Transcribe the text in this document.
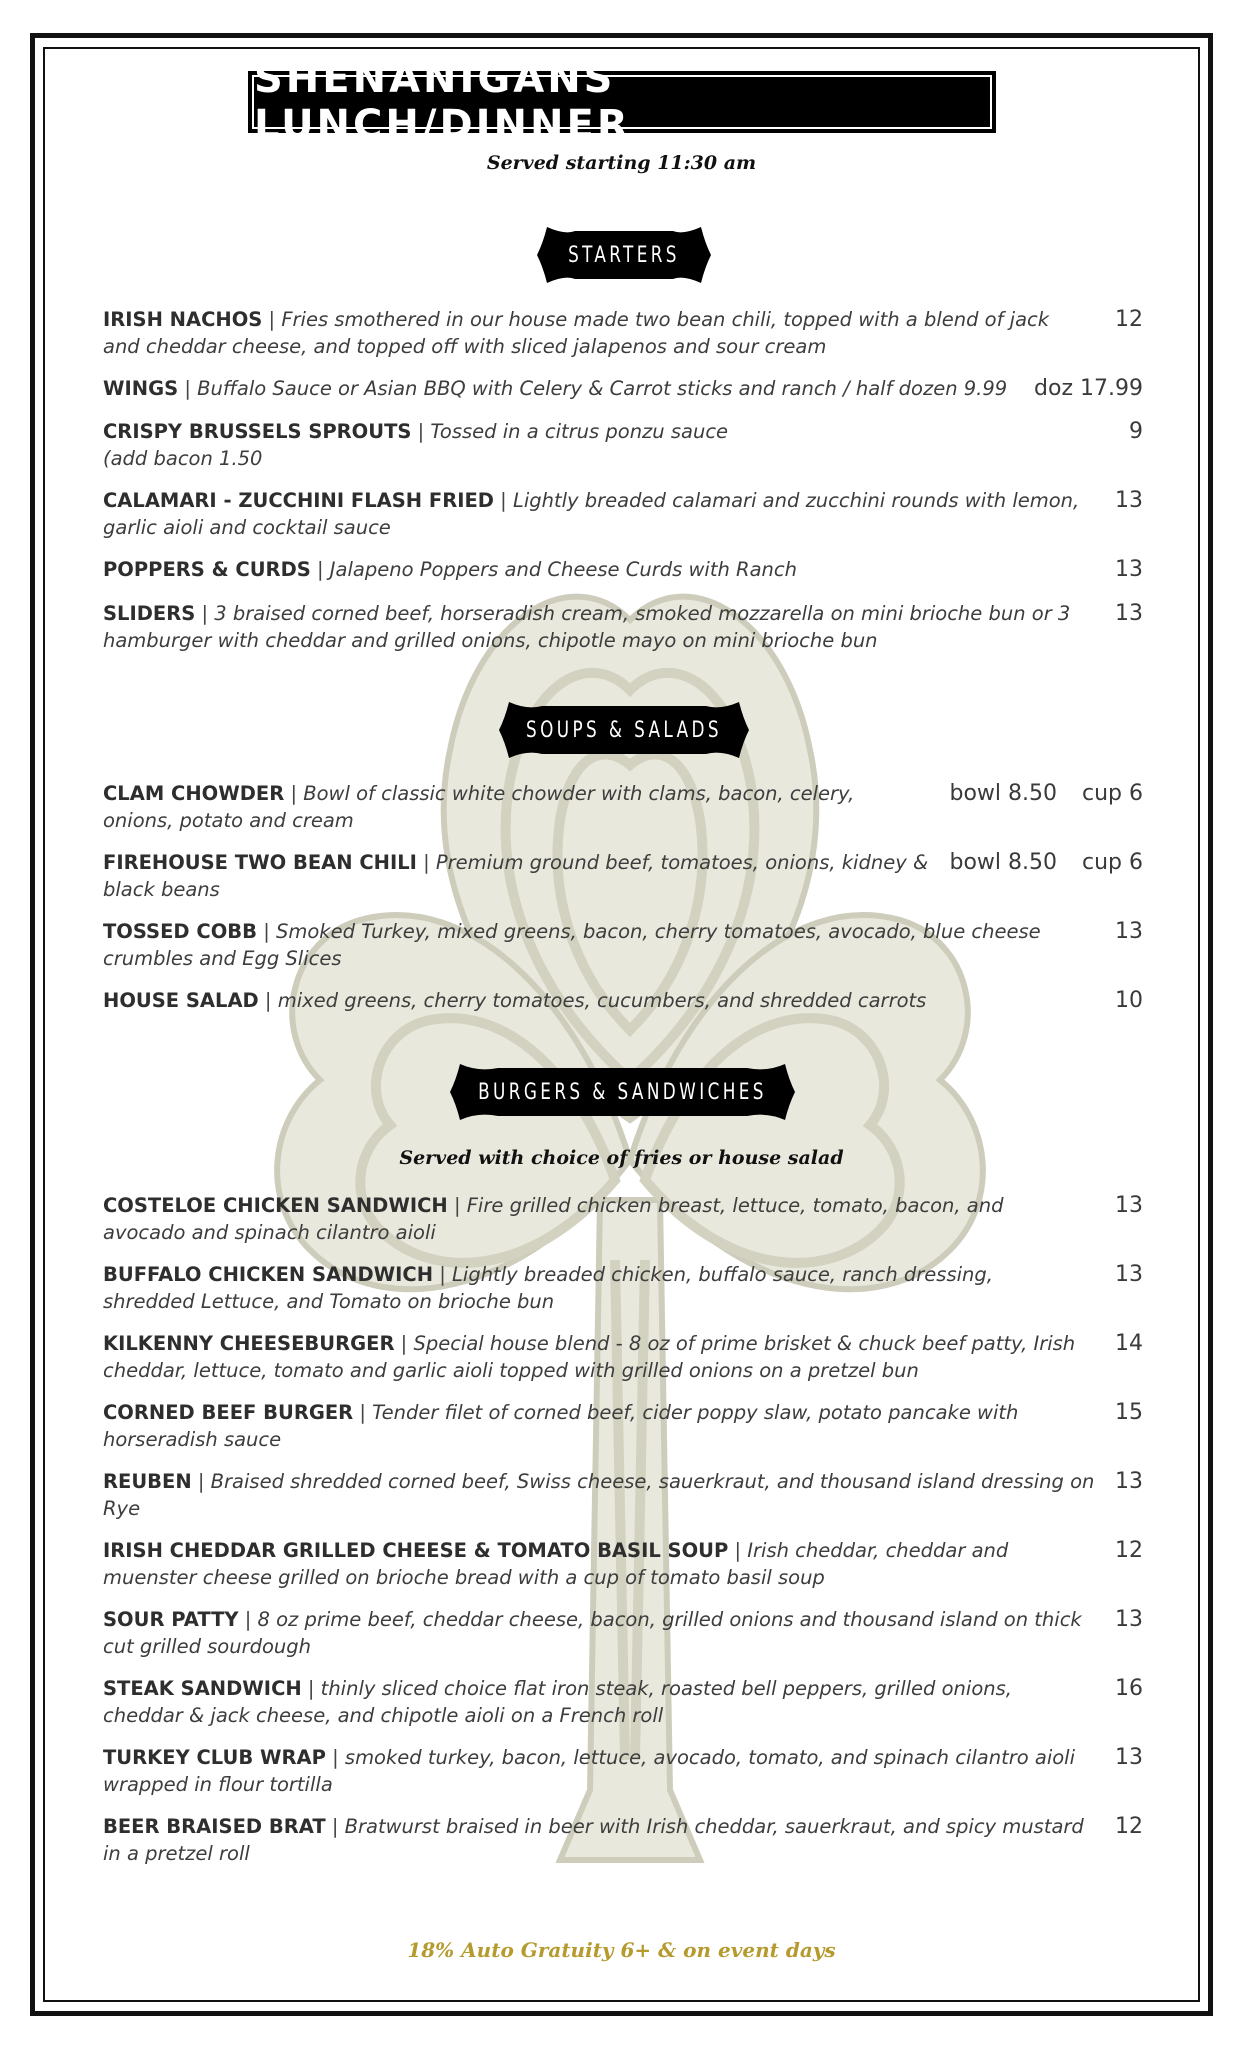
SHENANIGANS LUNCH/DINNER
Served starting 11:30 am
STARTERS
IRISH NACHOS | Fries smothered in our house made two bean chili, topped with a blend of jack and cheddar cheese, and topped off with sliced jalapenos and sour cream
12
WINGS | Buffalo Sauce or Asian BBQ with Celery & Carrot sticks and ranch / half dozen 9.99	doz 17.99
CRISPY BRUSSELS SPROUTS | Tossed in a citrus ponzu sauce (add bacon 1.50
9
CALAMARI - ZUCCHINI FLASH FRIED | Lightly breaded calamari and zucchini rounds with lemon, garlic aioli and cocktail sauce
13
POPPERS & CURDS | Jalapeno Poppers and Cheese Curds with Ranch	13
SLIDERS | 3 braised corned beef, horseradish cream, smoked mozzarella on mini brioche bun or 3 hamburger with cheddar and grilled onions, chipotle mayo on mini brioche bun
13
SOUPS & SALADS
CLAM CHOWDER | Bowl of classic white chowder with clams, bacon, celery, onions, potato and cream
bowl 8.50 cup 6
FIREHOUSE TWO BEAN CHILI | Premium ground beef, tomatoes, onions, kidney & black beans
bowl 8.50 cup 6
TOSSED COBB | Smoked Turkey, mixed greens, bacon, cherry tomatoes, avocado, blue cheese crumbles and Egg Slices
13
HOUSE SALAD | mixed greens, cherry tomatoes, cucumbers, and shredded carrots	10
BURGERS & SANDWICHES
Served with choice of fries or house salad
COSTELOE CHICKEN SANDWICH | Fire grilled chicken breast, lettuce, tomato, bacon, and avocado and spinach cilantro aioli
13
BUFFALO CHICKEN SANDWICH | Lightly breaded chicken, buffalo sauce, ranch dressing, shredded Lettuce, and Tomato on brioche bun
13
KILKENNY CHEESEBURGER | Special house blend - 8 oz of prime brisket & chuck beef patty, Irish cheddar, lettuce, tomato and garlic aioli topped with grilled onions on a pretzel bun
14
CORNED BEEF BURGER | Tender filet of corned beef, cider poppy slaw, potato pancake with horseradish sauce
15
REUBEN | Braised shredded corned beef, Swiss cheese, sauerkraut, and thousand island dressing on Rye
13
IRISH CHEDDAR GRILLED CHEESE & TOMATO BASIL SOUP | Irish cheddar, cheddar and muenster cheese grilled on brioche bread with a cup of tomato basil soup
12
SOUR PATTY | 8 oz prime beef, cheddar cheese, bacon, grilled onions and thousand island on thick cut grilled sourdough
13
STEAK SANDWICH | thinly sliced choice flat iron steak, roasted bell peppers, grilled onions, cheddar & jack cheese, and chipotle aioli on a French roll
16
TURKEY CLUB WRAP | smoked turkey, bacon, lettuce, avocado, tomato, and spinach cilantro aioli wrapped in flour tortilla
13
BEER BRAISED BRAT | Bratwurst braised in beer with Irish cheddar, sauerkraut, and spicy mustard in a pretzel roll
12
18% Auto Gratuity 6+ & on event days
